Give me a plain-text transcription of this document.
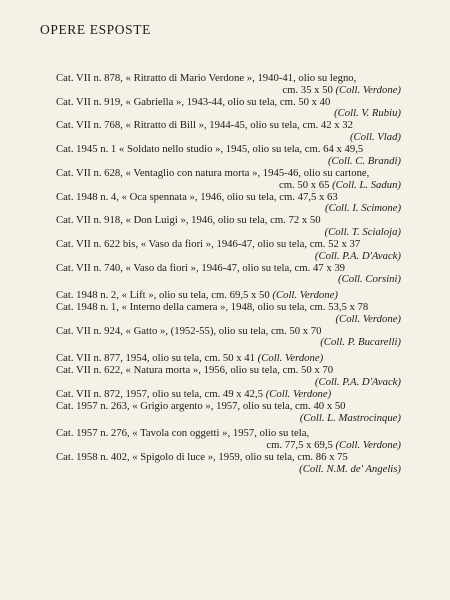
OPERE ESPOSTE
Cat. VII n. 878, « Ritratto di Mario Verdone », 1940-41, olio su legno,
cm. 35 x 50 (Coll. Verdone)
Cat. VII n. 919, « Gabriella », 1943-44, olio su tela, cm. 50 x 40
(Coll. V. Rubiu)
Cat. VII n. 768, « Ritratto di Bill », 1944-45, olio su tela, cm. 42 x 32
(Coll. Vlad)
Cat. 1945 n. 1 « Soldato nello studio », 1945, olio su tela, cm. 64 x 49,5
(Coll. C. Brandi)
Cat. VII n. 628, « Ventaglio con natura morta », 1945-46, olio su cartone,
cm. 50 x 65 (Coll. L. Sadun)
Cat. 1948 n. 4, « Oca spennata », 1946, olio su tela, cm. 47,5 x 63
(Coll. I. Scimone)
Cat. VII n. 918, « Don Luigi », 1946, olio su tela, cm. 72 x 50
(Coll. T. Scialoja)
Cat. VII n. 622 bis, « Vaso da fiori », 1946-47, olio su tela, cm. 52 x 37
(Coll. P.A. D'Avack)
Cat. VII n. 740, « Vaso da fiori », 1946-47, olio su tela, cm. 47 x 39
(Coll. Corsini)
Cat. 1948 n. 2, « Lift », olio su tela, cm. 69,5 x 50 (Coll. Verdone)
Cat. 1948 n. 1, « Interno della camera », 1948, olio su tela, cm. 53,5 x 78
(Coll. Verdone)
Cat. VII n. 924, « Gatto », (1952-55), olio su tela, cm. 50 x 70
(Coll. P. Bucarelli)
Cat. VII n. 877, 1954, olio su tela, cm. 50 x 41 (Coll. Verdone)
Cat. VII n. 622, « Natura morta », 1956, olio su tela, cm. 50 x 70
(Coll. P.A. D'Avack)
Cat. VII n. 872, 1957, olio su tela, cm. 49 x 42,5 (Coll. Verdone)
Cat. 1957 n. 263, « Grigio argento », 1957, olio su tela, cm. 40 x 50
(Coll. L. Mastrocinque)
Cat. 1957 n. 276, « Tavola con oggetti », 1957, olio su tela,
cm. 77,5 x 69,5 (Coll. Verdone)
Cat. 1958 n. 402, « Spigolo di luce », 1959, olio su tela, cm. 86 x 75
(Coll. N.M. de' Angelis)
